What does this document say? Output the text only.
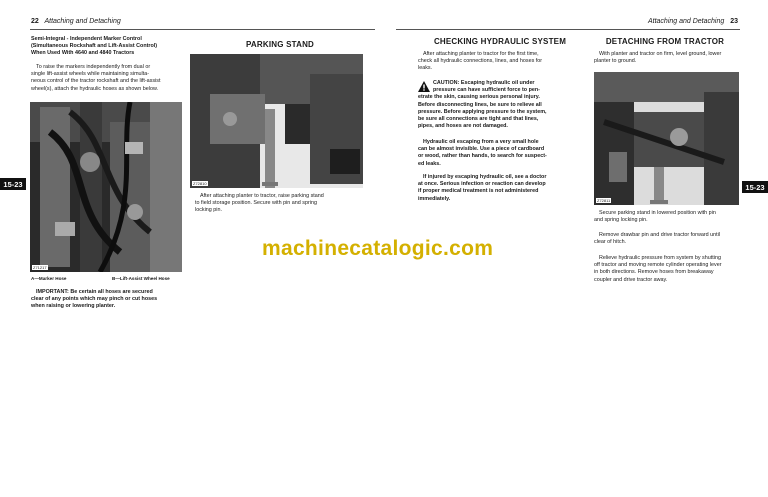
22 Attaching and Detaching
Semi-Integral - Independent Marker Control
(Simultaneous Rockshaft and Lift-Assist Control)
When Used With 4640 and 4840 Tractors
To raise the markers independently from dual or
single lift-assist wheels while maintaining simulta-
neous control of the tractor rockshaft and the lift-assist
wheel(s), attach the hydraulic hoses as shown below.
Z71217
A—Marker Hose	B—Lift-Assist Wheel Hose
IMPORTANT: Be certain all hoses are secured
clear of any points which may pinch or cut hoses
when raising or lowering planter.
PARKING STAND
Z72810
After attaching planter to tractor, raise parking stand
to field storage position. Secure with pin and spring
locking pin.
15-23
Attaching and Detaching 23
CHECKING HYDRAULIC SYSTEM
After attaching planter to tractor for the first time,
check all hydraulic connections, lines, and hoses for
leaks.
CAUTION: Escaping hydraulic oil under
pressure can have sufficient force to pen-
etrate the skin, causing serious personal injury.
Before disconnecting lines, be sure to relieve all
pressure. Before applying pressure to the system,
be sure all connections are tight and that lines,
pipes, and hoses are not damaged.
Hydraulic oil escaping from a very small hole
can be almost invisible. Use a piece of cardboard
or wood, rather than hands, to search for suspect-
ed leaks.
If injured by escaping hydraulic oil, see a doctor
at once. Serious infection or reaction can develop
if proper medical treatment is not administered
immediately.
DETACHING FROM TRACTOR
With planter and tractor on firm, level ground, lower
planter to ground.
Z72811
Secure parking stand in lowered position with pin
and spring locking pin.
Remove drawbar pin and drive tractor forward until
clear of hitch.
Relieve hydraulic pressure from system by shutting
off tractor and moving remote cylinder operating lever
in both directions. Remove hoses from breakaway
coupler and drive tractor away.
15-23
machinecatalogic.com
